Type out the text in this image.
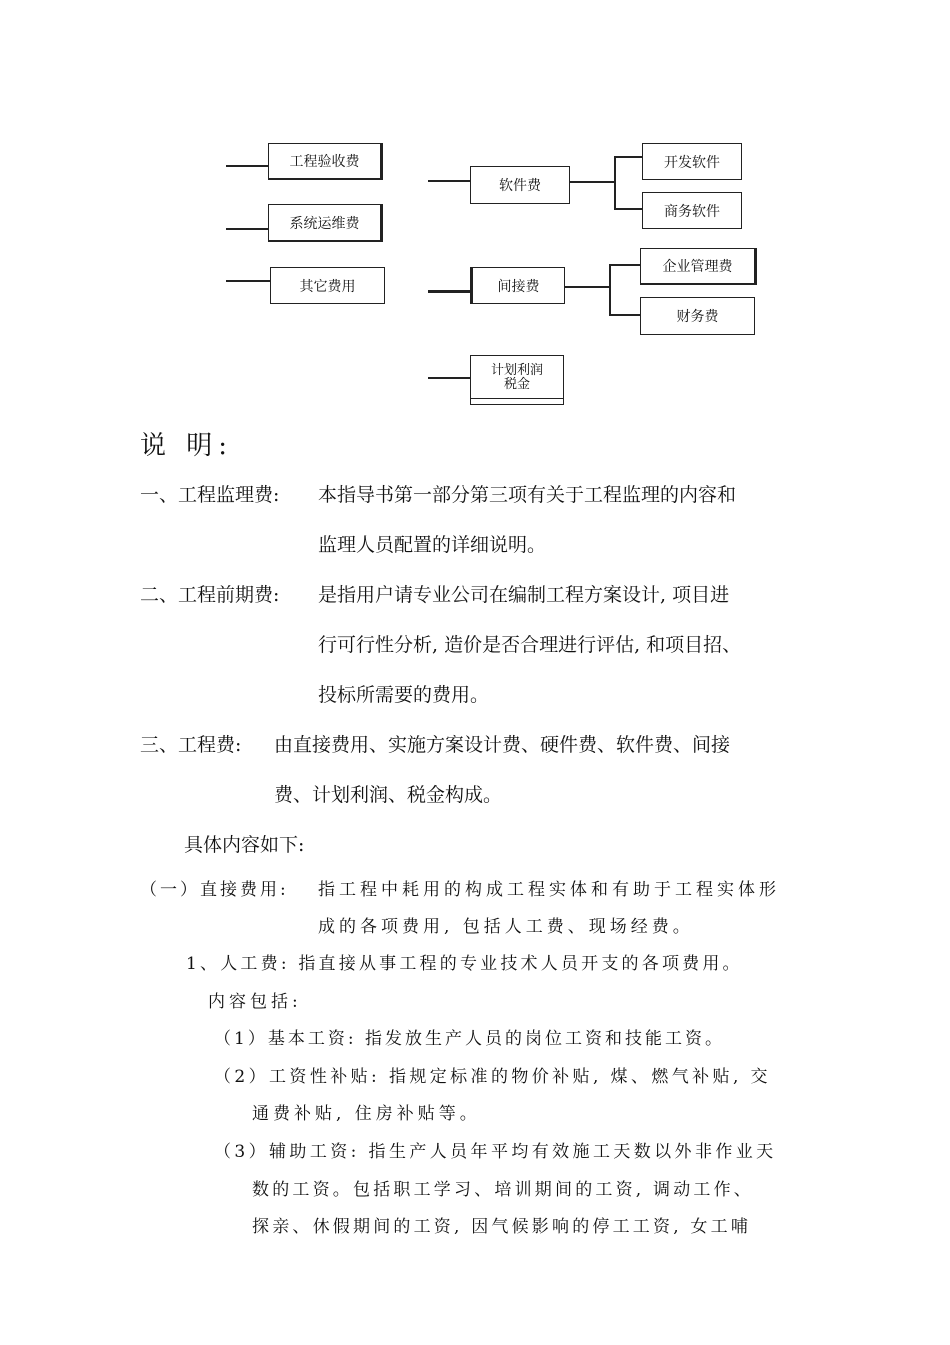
工程验收费
系统运维费
其它费用
软件费
开发软件
商务软件
间接费
企业管理费
财务费
计划利润
税金
说 明:
一、工程监理费: 本指导书第一部分第三项有关于工程监理的内容和
监理人员配置的详细说明。
二、工程前期费: 是指用户请专业公司在编制工程方案设计, 项目进
行可行性分析, 造价是否合理进行评估, 和项目招、
投标所需要的费用。
三、工程费: 由直接费用、实施方案设计费、硬件费、软件费、间接
费、计划利润、税金构成。
具体内容如下:
（一）直接费用: 指工程中耗用的构成工程实体和有助于工程实体形
成的各项费用, 包括人工费、现场经费。
1、人工费: 指直接从事工程的专业技术人员开支的各项费用。
内容包括:
（1）基本工资: 指发放生产人员的岗位工资和技能工资。
（2）工资性补贴: 指规定标准的物价补贴, 煤、燃气补贴, 交
通费补贴, 住房补贴等。
（3）辅助工资: 指生产人员年平均有效施工天数以外非作业天
数的工资。包括职工学习、培训期间的工资, 调动工作、
探亲、休假期间的工资, 因气候影响的停工工资, 女工哺
